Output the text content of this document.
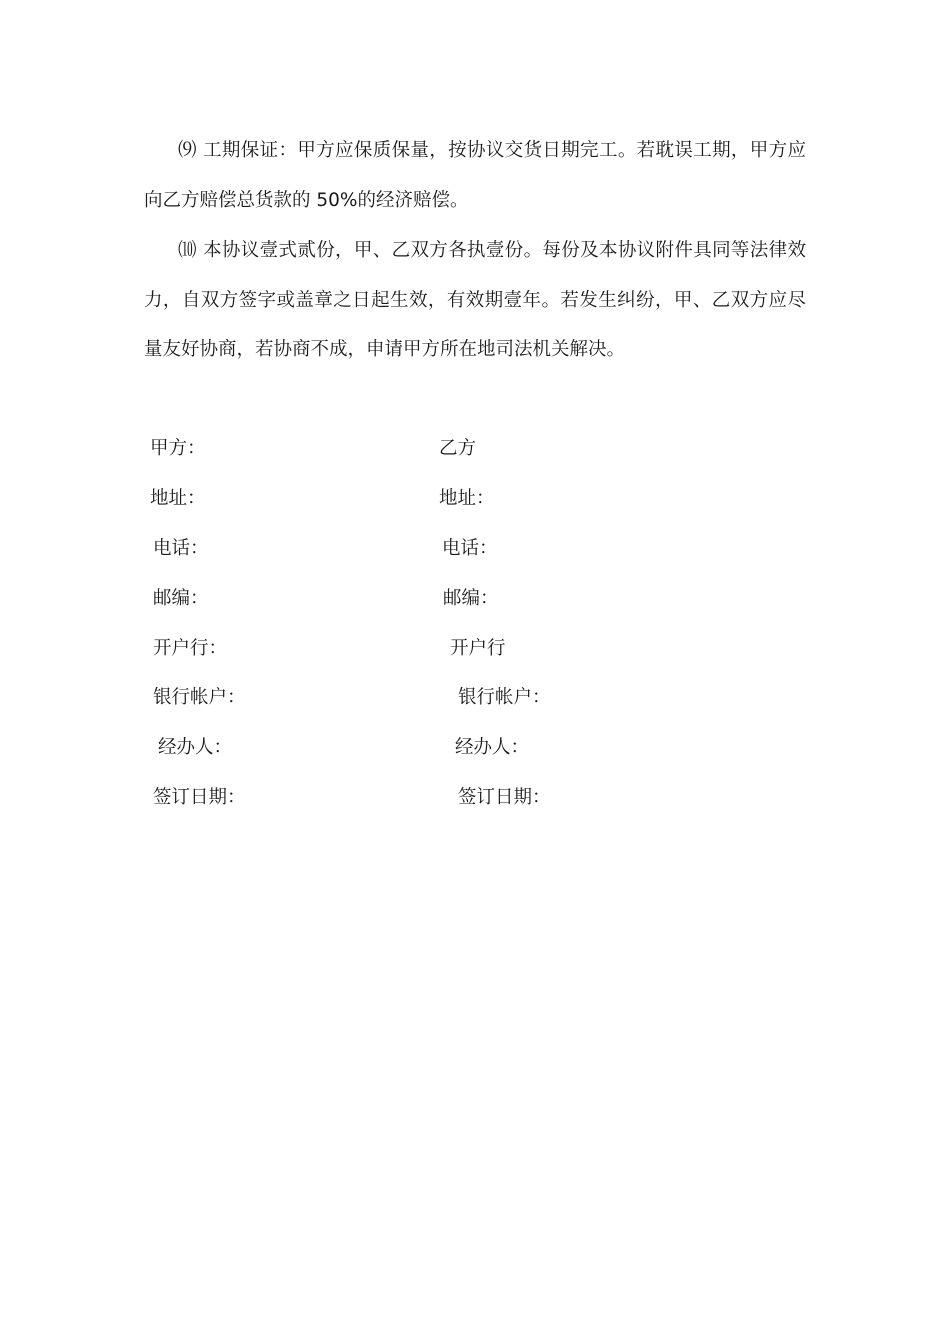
⑼ 工期保证：甲方应保质保量，按协议交货日期完工。若耽误工期，甲方应向乙方赔偿总货款的 50%的经济赔偿。

⑽ 本协议壹式贰份，甲、乙双方各执壹份。每份及本协议附件具同等法律效力，自双方签字或盖章之日起生效，有效期壹年。若发生纠纷，甲、乙双方应尽量友好协商，若协商不成，申请甲方所在地司法机关解决。

甲方：
地址：
电话：
邮编：
开户行：
银行帐户：
经办人：
签订日期：
乙方
地址：
电话：
邮编：
开户行
银行帐户：
经办人：
签订日期：
